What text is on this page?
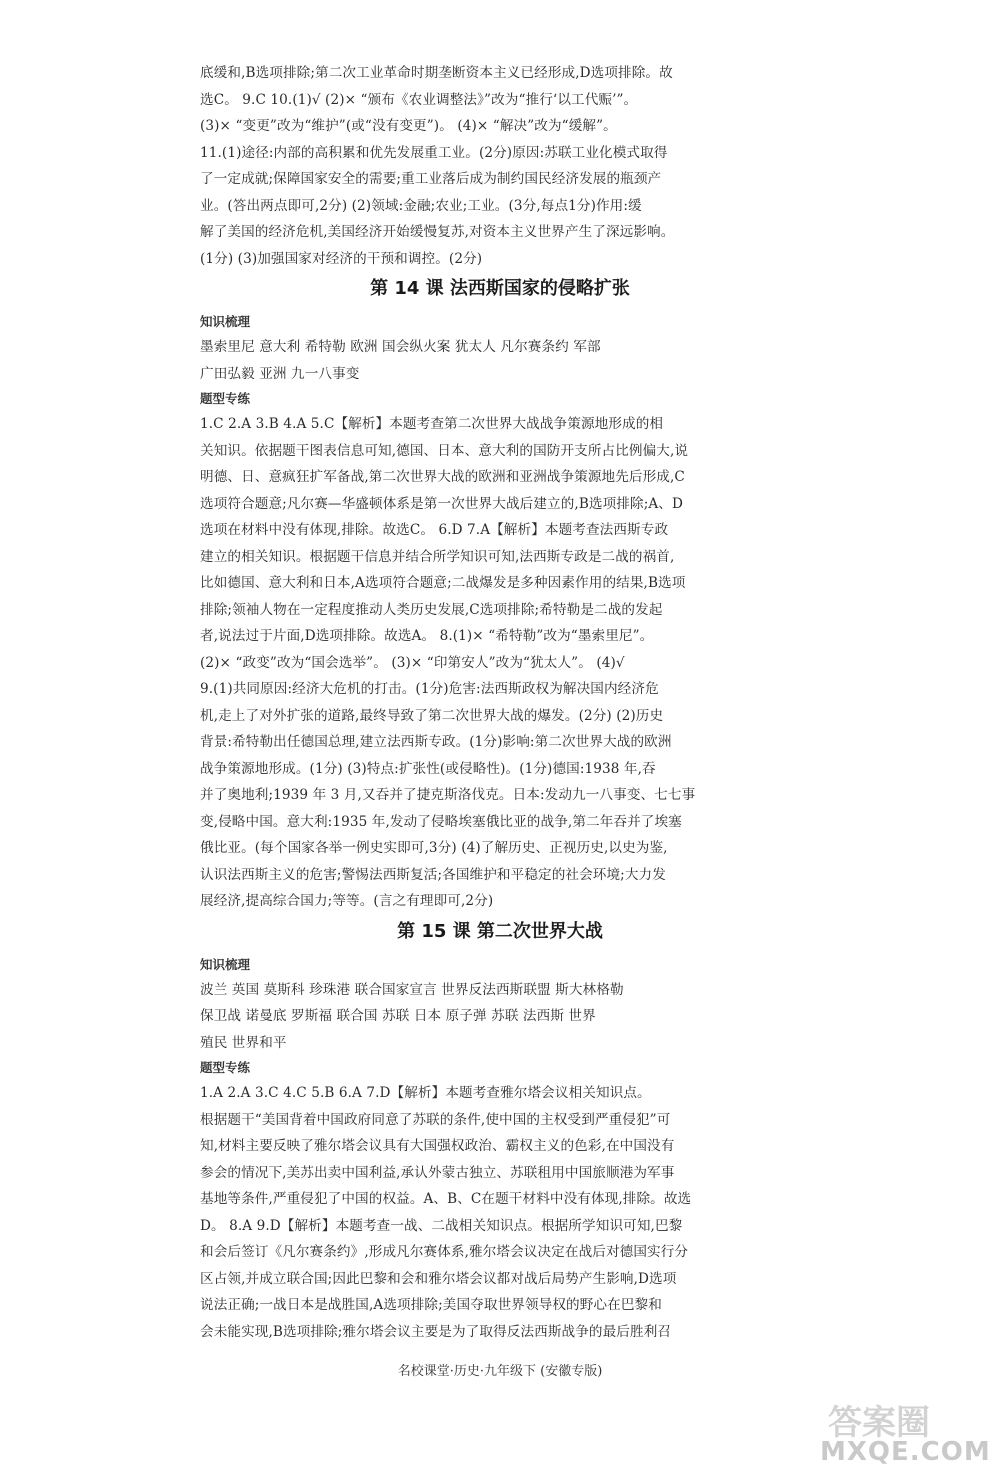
底缓和,B选项排除;第二次工业革命时期垄断资本主义已经形成,D选项排除。故
选C。 9.C 10.(1)√ (2)× “颁布《农业调整法》”改为“推行‘以工代赈’”。
(3)× “变更”改为“维护”(或“没有变更”)。 (4)× “解决”改为“缓解”。
11.(1)途径:内部的高积累和优先发展重工业。(2分)原因:苏联工业化模式取得
了一定成就;保障国家安全的需要;重工业落后成为制约国民经济发展的瓶颈产
业。(答出两点即可,2分) (2)领域:金融;农业;工业。(3分,每点1分)作用:缓
解了美国的经济危机,美国经济开始缓慢复苏,对资本主义世界产生了深远影响。
(1分) (3)加强国家对经济的干预和调控。(2分)
第 14 课 法西斯国家的侵略扩张
知识梳理
墨索里尼 意大利 希特勒 欧洲 国会纵火案 犹太人 凡尔赛条约 军部
广田弘毅 亚洲 九一八事变
题型专练
1.C 2.A 3.B 4.A 5.C【解析】本题考查第二次世界大战战争策源地形成的相
关知识。依据题干图表信息可知,德国、日本、意大利的国防开支所占比例偏大,说
明德、日、意疯狂扩军备战,第二次世界大战的欧洲和亚洲战争策源地先后形成,C
选项符合题意;凡尔赛—华盛顿体系是第一次世界大战后建立的,B选项排除;A、D
选项在材料中没有体现,排除。故选C。 6.D 7.A【解析】本题考查法西斯专政
建立的相关知识。根据题干信息并结合所学知识可知,法西斯专政是二战的祸首,
比如德国、意大利和日本,A选项符合题意;二战爆发是多种因素作用的结果,B选项
排除;领袖人物在一定程度推动人类历史发展,C选项排除;希特勒是二战的发起
者,说法过于片面,D选项排除。故选A。 8.(1)× “希特勒”改为“墨索里尼”。
(2)× “政变”改为“国会选举”。 (3)× “印第安人”改为“犹太人”。 (4)√
9.(1)共同原因:经济大危机的打击。(1分)危害:法西斯政权为解决国内经济危
机,走上了对外扩张的道路,最终导致了第二次世界大战的爆发。(2分) (2)历史
背景:希特勒出任德国总理,建立法西斯专政。(1分)影响:第二次世界大战的欧洲
战争策源地形成。(1分) (3)特点:扩张性(或侵略性)。(1分)德国:1938 年,吞
并了奥地利;1939 年 3 月,又吞并了捷克斯洛伐克。日本:发动九一八事变、七七事
变,侵略中国。意大利:1935 年,发动了侵略埃塞俄比亚的战争,第二年吞并了埃塞
俄比亚。(每个国家各举一例史实即可,3分) (4)了解历史、正视历史,以史为鉴,
认识法西斯主义的危害;警惕法西斯复活;各国维护和平稳定的社会环境;大力发
展经济,提高综合国力;等等。(言之有理即可,2分)
第 15 课 第二次世界大战
知识梳理
波兰 英国 莫斯科 珍珠港 联合国家宣言 世界反法西斯联盟 斯大林格勒
保卫战 诺曼底 罗斯福 联合国 苏联 日本 原子弹 苏联 法西斯 世界
殖民 世界和平
题型专练
1.A 2.A 3.C 4.C 5.B 6.A 7.D【解析】本题考查雅尔塔会议相关知识点。
根据题干“美国背着中国政府同意了苏联的条件,使中国的主权受到严重侵犯”可
知,材料主要反映了雅尔塔会议具有大国强权政治、霸权主义的色彩,在中国没有
参会的情况下,美苏出卖中国利益,承认外蒙古独立、苏联租用中国旅顺港为军事
基地等条件,严重侵犯了中国的权益。A、B、C在题干材料中没有体现,排除。故选
D。 8.A 9.D【解析】本题考查一战、二战相关知识点。根据所学知识可知,巴黎
和会后签订《凡尔赛条约》,形成凡尔赛体系,雅尔塔会议决定在战后对德国实行分
区占领,并成立联合国;因此巴黎和会和雅尔塔会议都对战后局势产生影响,D选项
说法正确;一战日本是战胜国,A选项排除;美国夺取世界领导权的野心在巴黎和
会未能实现,B选项排除;雅尔塔会议主要是为了取得反法西斯战争的最后胜利召
名校课堂·历史·九年级下 (安徽专版)
答案圈
MXQE.COM
